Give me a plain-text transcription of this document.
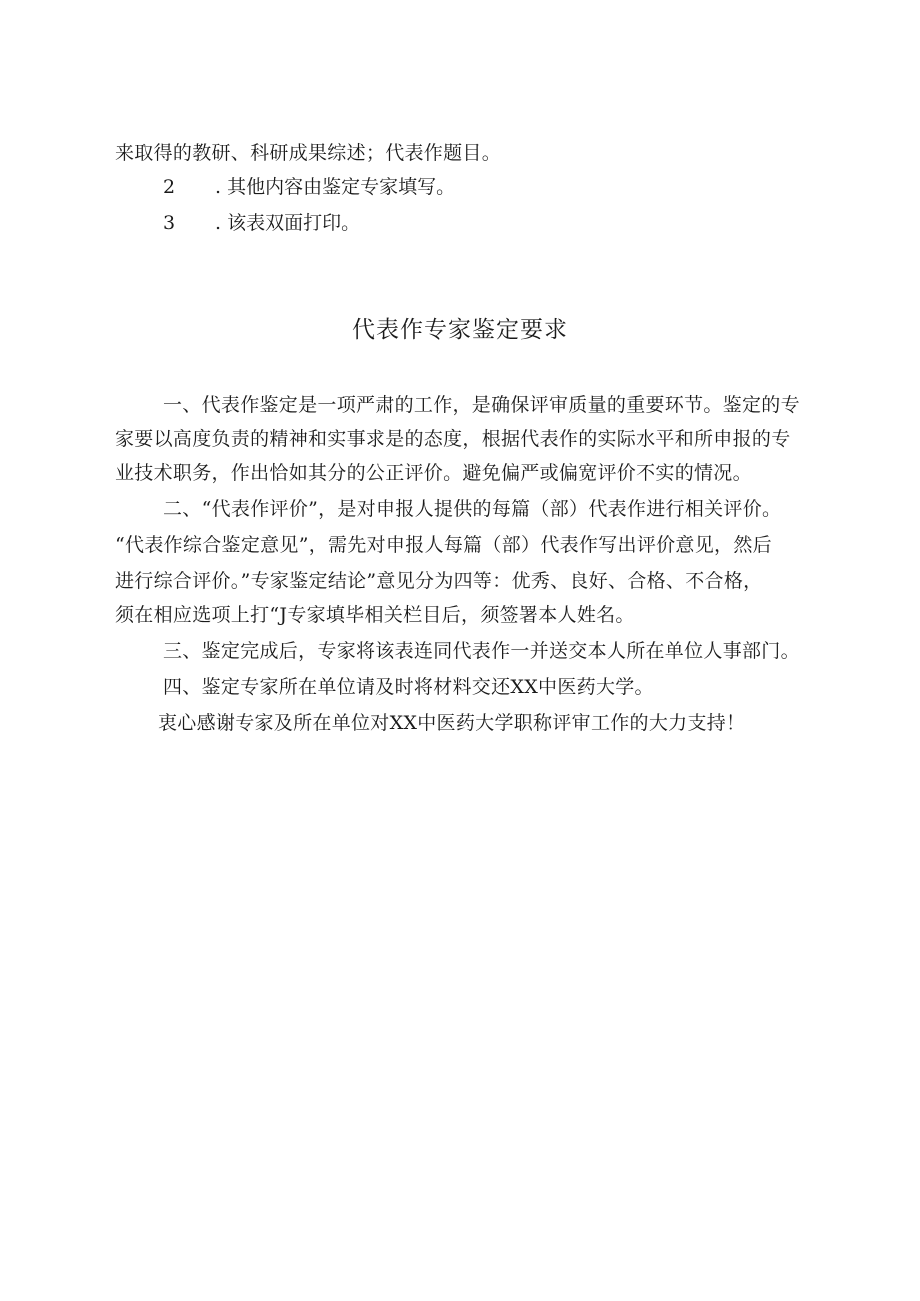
来取得的教研、科研成果综述；代表作题目。
2 . 其他内容由鉴定专家填写。
3 . 该表双面打印。
代表作专家鉴定要求
一、代表作鉴定是一项严肃的工作，是确保评审质量的重要环节。鉴定的专
家要以高度负责的精神和实事求是的态度，根据代表作的实际水平和所申报的专
业技术职务，作出恰如其分的公正评价。避免偏严或偏宽评价不实的情况。
二、“代表作评价”，是对申报人提供的每篇（部）代表作进行相关评价。
“代表作综合鉴定意见”，需先对申报人每篇（部）代表作写出评价意见，然后
进行综合评价。”专家鉴定结论”意见分为四等：优秀、良好、合格、不合格，
须在相应选项上打“J专家填毕相关栏目后，须签署本人姓名。
三、鉴定完成后，专家将该表连同代表作一并送交本人所在单位人事部门。
四、鉴定专家所在单位请及时将材料交还XX中医药大学。
衷心感谢专家及所在单位对XX中医药大学职称评审工作的大力支持！
